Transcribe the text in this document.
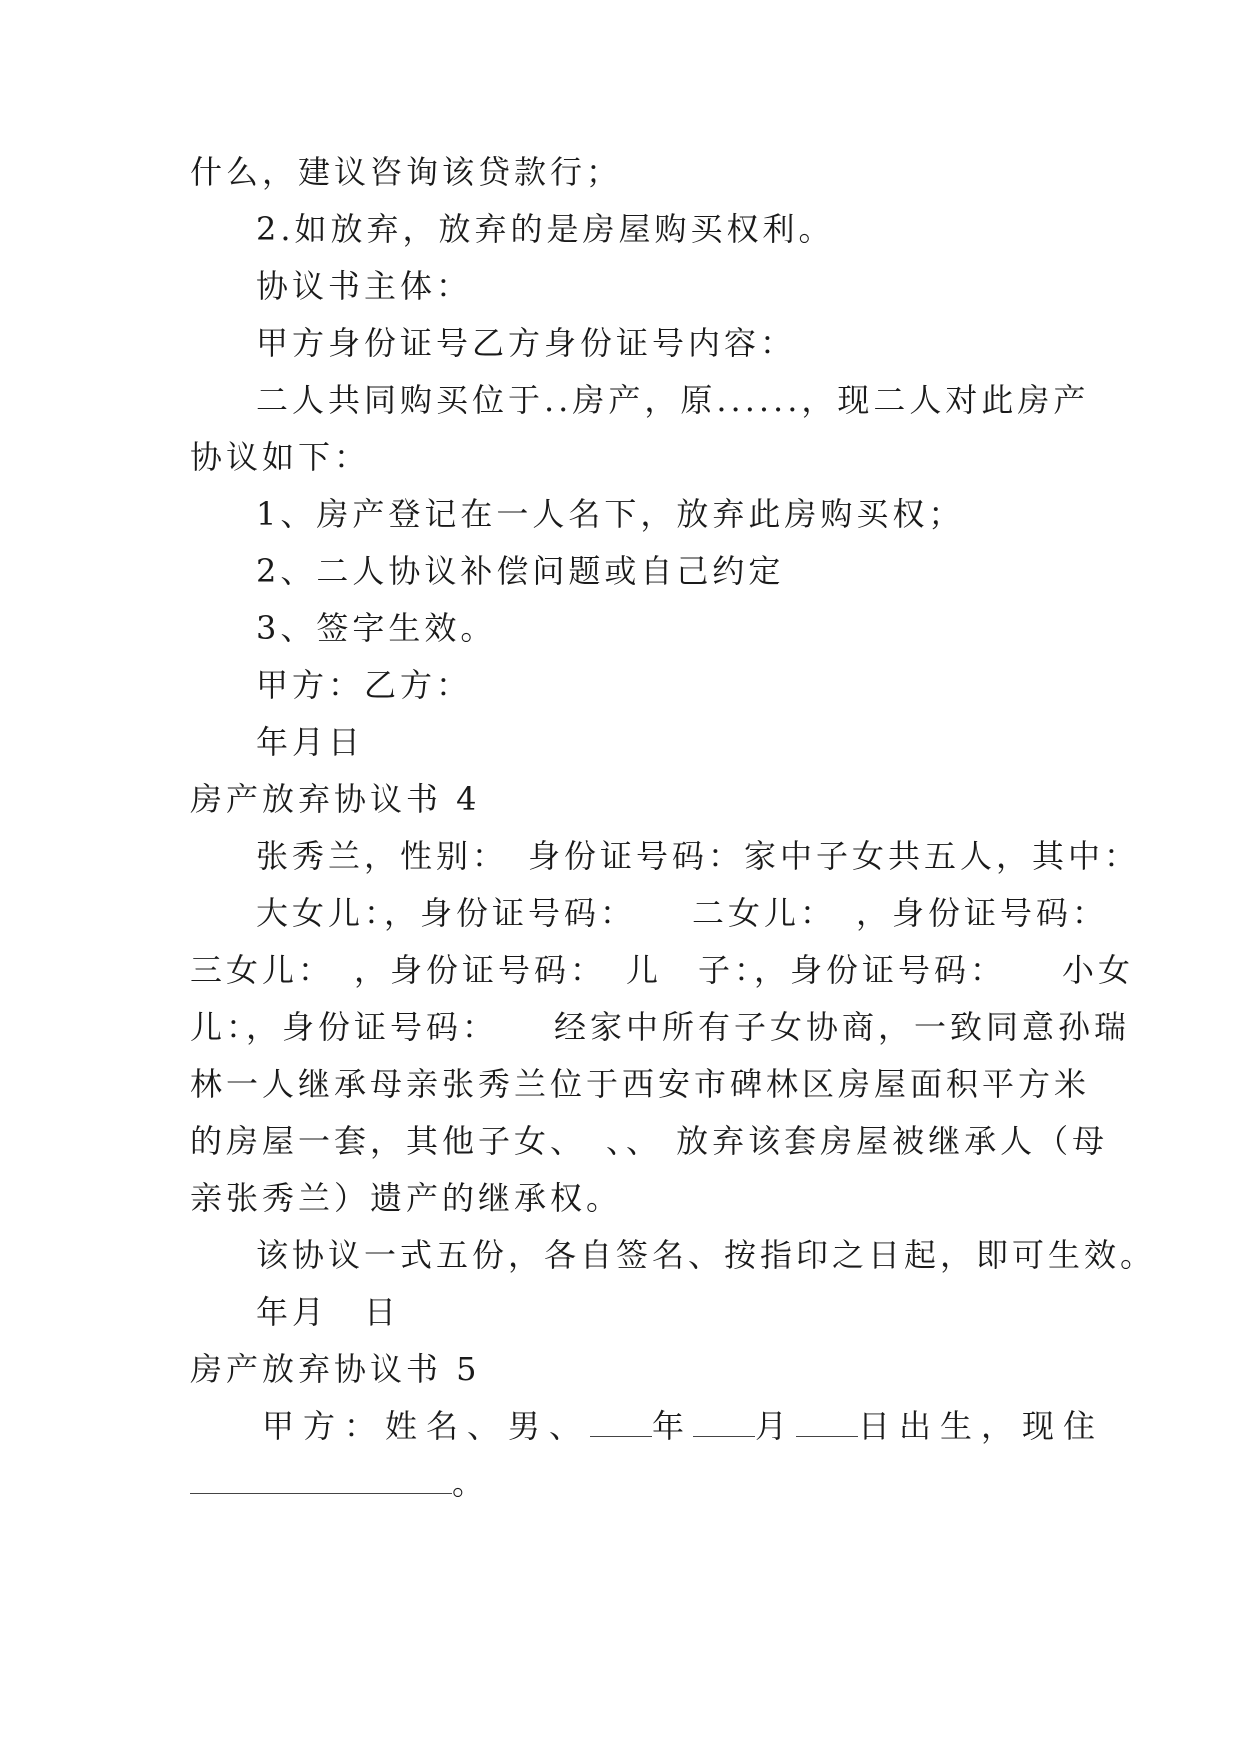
什么，建议咨询该贷款行；
2.如放弃，放弃的是房屋购买权利。
协议书主体：
甲方身份证号乙方身份证号内容：
二人共同购买位于..房产，原......，现二人对此房产
协议如下：
1、房产登记在一人名下，放弃此房购买权；
2、二人协议补偿问题或自己约定
3、签字生效。
甲方：乙方：
年月日
房产放弃协议书 4
张秀兰，性别：　身份证号码：家中子女共五人，其中：
大女儿：，身份证号码：　　二女儿：　，身份证号码：
三女儿：　，身份证号码：　儿　子：，身份证号码：　　小女
儿：，身份证号码：　　经家中所有子女协商，一致同意孙瑞
林一人继承母亲张秀兰位于西安市碑林区房屋面积平方米
的房屋一套，其他子女、　、、 放弃该套房屋被继承人（母
亲张秀兰）遗产的继承权。
该协议一式五份，各自签名、按指印之日起，即可生效。
年月　日
房产放弃协议书 5
甲方：姓名、男、 年 月 日出生，现住
。
